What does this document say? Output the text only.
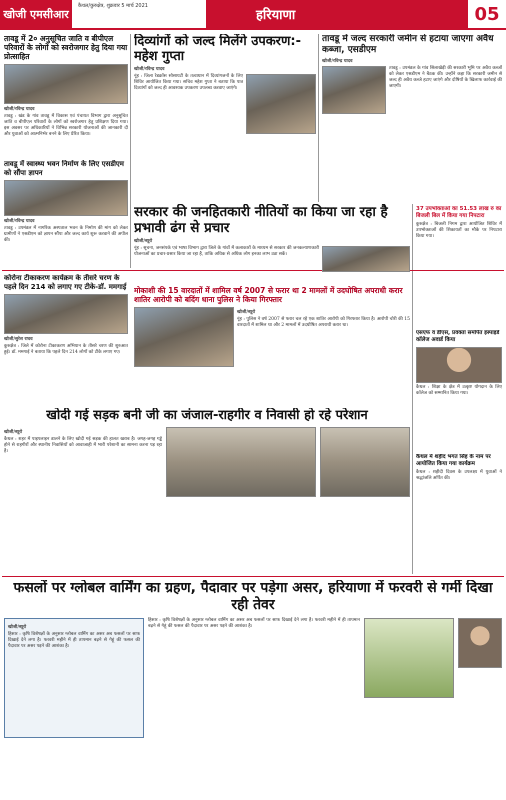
खोजी एमसीआर
कैथल/कुरुक्षेत्र, शुक्रवार 5 मार्च 2021
हरियाणा	05
तावडू में 2० अनुसूचित जाति व बीपीएल परिवारों के लोगों को स्वरोजगार हेतु दिया गया प्रोत्साहित
खोजी/रविन्द्र यादव
तावडू : खंड के गांव तावडू में विकास एवं पंचायत विभाग द्वारा अनुसूचित जाति व बीपीएल परिवारों के लोगों को स्वरोजगार हेतु प्रशिक्षण दिया गया। इस अवसर पर अधिकारियों ने विभिन्न सरकारी योजनाओं की जानकारी दी और युवाओं को आत्मनिर्भर बनने के लिए प्रेरित किया।
तावडू में स्वास्थ्य भवन निर्माण के लिए एसडीएम को सौंपा ज्ञापन
खोजी/रविन्द्र यादव
तावडू : उपमंडल में नागरिक अस्पताल भवन के निर्माण की मांग को लेकर ग्रामीणों ने एसडीएम को ज्ञापन सौंपा और जल्द कार्य शुरू करवाने की अपील की।
दिव्यांगों को जल्द मिलेंगे उपकरण:- महेश गुप्ता
खोजी/रविन्द्र यादव
नूंह : जिला रेडक्रॉस सोसायटी के तत्वाधान में दिव्यांगजनों के लिए शिविर आयोजित किया गया। सचिव महेश गुप्ता ने बताया कि पात्र दिव्यांगों को जल्द ही आवश्यक उपकरण उपलब्ध करवाए जाएंगे।
तावडू में जल्द सरकारी जमीन से हटाया जाएगा अवैध कब्जा, एसडीएम
खोजी/रविन्द्र यादव
तावडू : उपमंडल के गांव सिलाखेड़ी की सरकारी भूमि पर अवैध कब्जों को लेकर एसडीएम ने बैठक की। उन्होंने कहा कि सरकारी जमीन से जल्द ही अवैध कब्जे हटाए जाएंगे और दोषियों के खिलाफ कार्रवाई की जाएगी।
सरकार की जनहितकारी नीतियों का किया जा रहा है प्रभावी ढंग से प्रचार
खोजी/ब्यूरो
नूंह : सूचना, जनसंपर्क एवं भाषा विभाग द्वारा जिले के गांवों में कलाकारों के माध्यम से सरकार की जनकल्याणकारी योजनाओं का प्रचार-प्रसार किया जा रहा है, ताकि अधिक से अधिक लोग इनका लाभ उठा सकें।
37 उपभोक्ताओं का 51.53 लाख रु का बिजली बिल में किया गया निपटारा
कुरुक्षेत्र : बिजली निगम द्वारा आयोजित शिविर में उपभोक्ताओं की शिकायतों का मौके पर निपटारा किया गया।
कोरोना टीकाकरण कार्यक्रम के तीसरे चरण के पहले दिन 214 को लगाए गए टीके-डॉ. ममगाई
खोजी/सुरेश राघव
कुरुक्षेत्र : जिले में कोरोना टीकाकरण अभियान के तीसरे चरण की शुरुआत हुई। डॉ. ममगाई ने बताया कि पहले दिन 214 लोगों को टीके लगाए गए।
मोकाशी की 15 वारदातों में शामिल वर्ष 2007 से फरार था 2 मामलों में उदघोषित अपराधी करार शातिर आरोपी को बदिंग धाना पुलिस ने किया गिरफ्तार
खोजी/ब्यूरो
नूंह : पुलिस ने वर्ष 2007 से फरार चल रहे एक शातिर आरोपी को गिरफ्तार किया है। आरोपी चोरी की 15 वारदातों में शामिल था और 2 मामलों में उदघोषित अपराधी करार था।
एसएफ व डीएस, प्रवक्ता समर्पित इंस्पाइर्ड कॉलेज अवार्ड किया
कैथल : शिक्षा के क्षेत्र में उत्कृष्ट योगदान के लिए कॉलेज को सम्मानित किया गया।
खोदी गई सड़क बनी जी का जंजाल-राहगीर व निवासी हो रहे परेशान
खोजी/ब्यूरो
कैथल : शहर में पाइपलाइन डालने के लिए खोदी गई सड़क की हालत खराब है। जगह-जगह गड्ढे होने से राहगीरों और स्थानीय निवासियों को आवाजाही में भारी परेशानी का सामना करना पड़ रहा है।
कैथल में शहीद भगत सिंह के नाम पर आयोजित किया गया कार्यक्रम
कैथल : शहीदी दिवस के उपलक्ष्य में युवाओं ने श्रद्धांजलि अर्पित की।
फसलों पर ग्लोबल वार्मिंग का ग्रहण, पैदावार पर पड़ेगा असर, हरियाणा में फरवरी से गर्मी दिखा रही तेवर
खोजी/ब्यूरो
हिसार : कृषि विशेषज्ञों के अनुसार ग्लोबल वार्मिंग का असर अब फसलों पर साफ दिखाई देने लगा है। फरवरी महीने में ही तापमान बढ़ने से गेहूं की फसल की पैदावार पर असर पड़ने की आशंका है।
हिसार : कृषि विशेषज्ञों के अनुसार ग्लोबल वार्मिंग का असर अब फसलों पर साफ दिखाई देने लगा है। फरवरी महीने में ही तापमान बढ़ने से गेहूं की फसल की पैदावार पर असर पड़ने की आशंका है।
